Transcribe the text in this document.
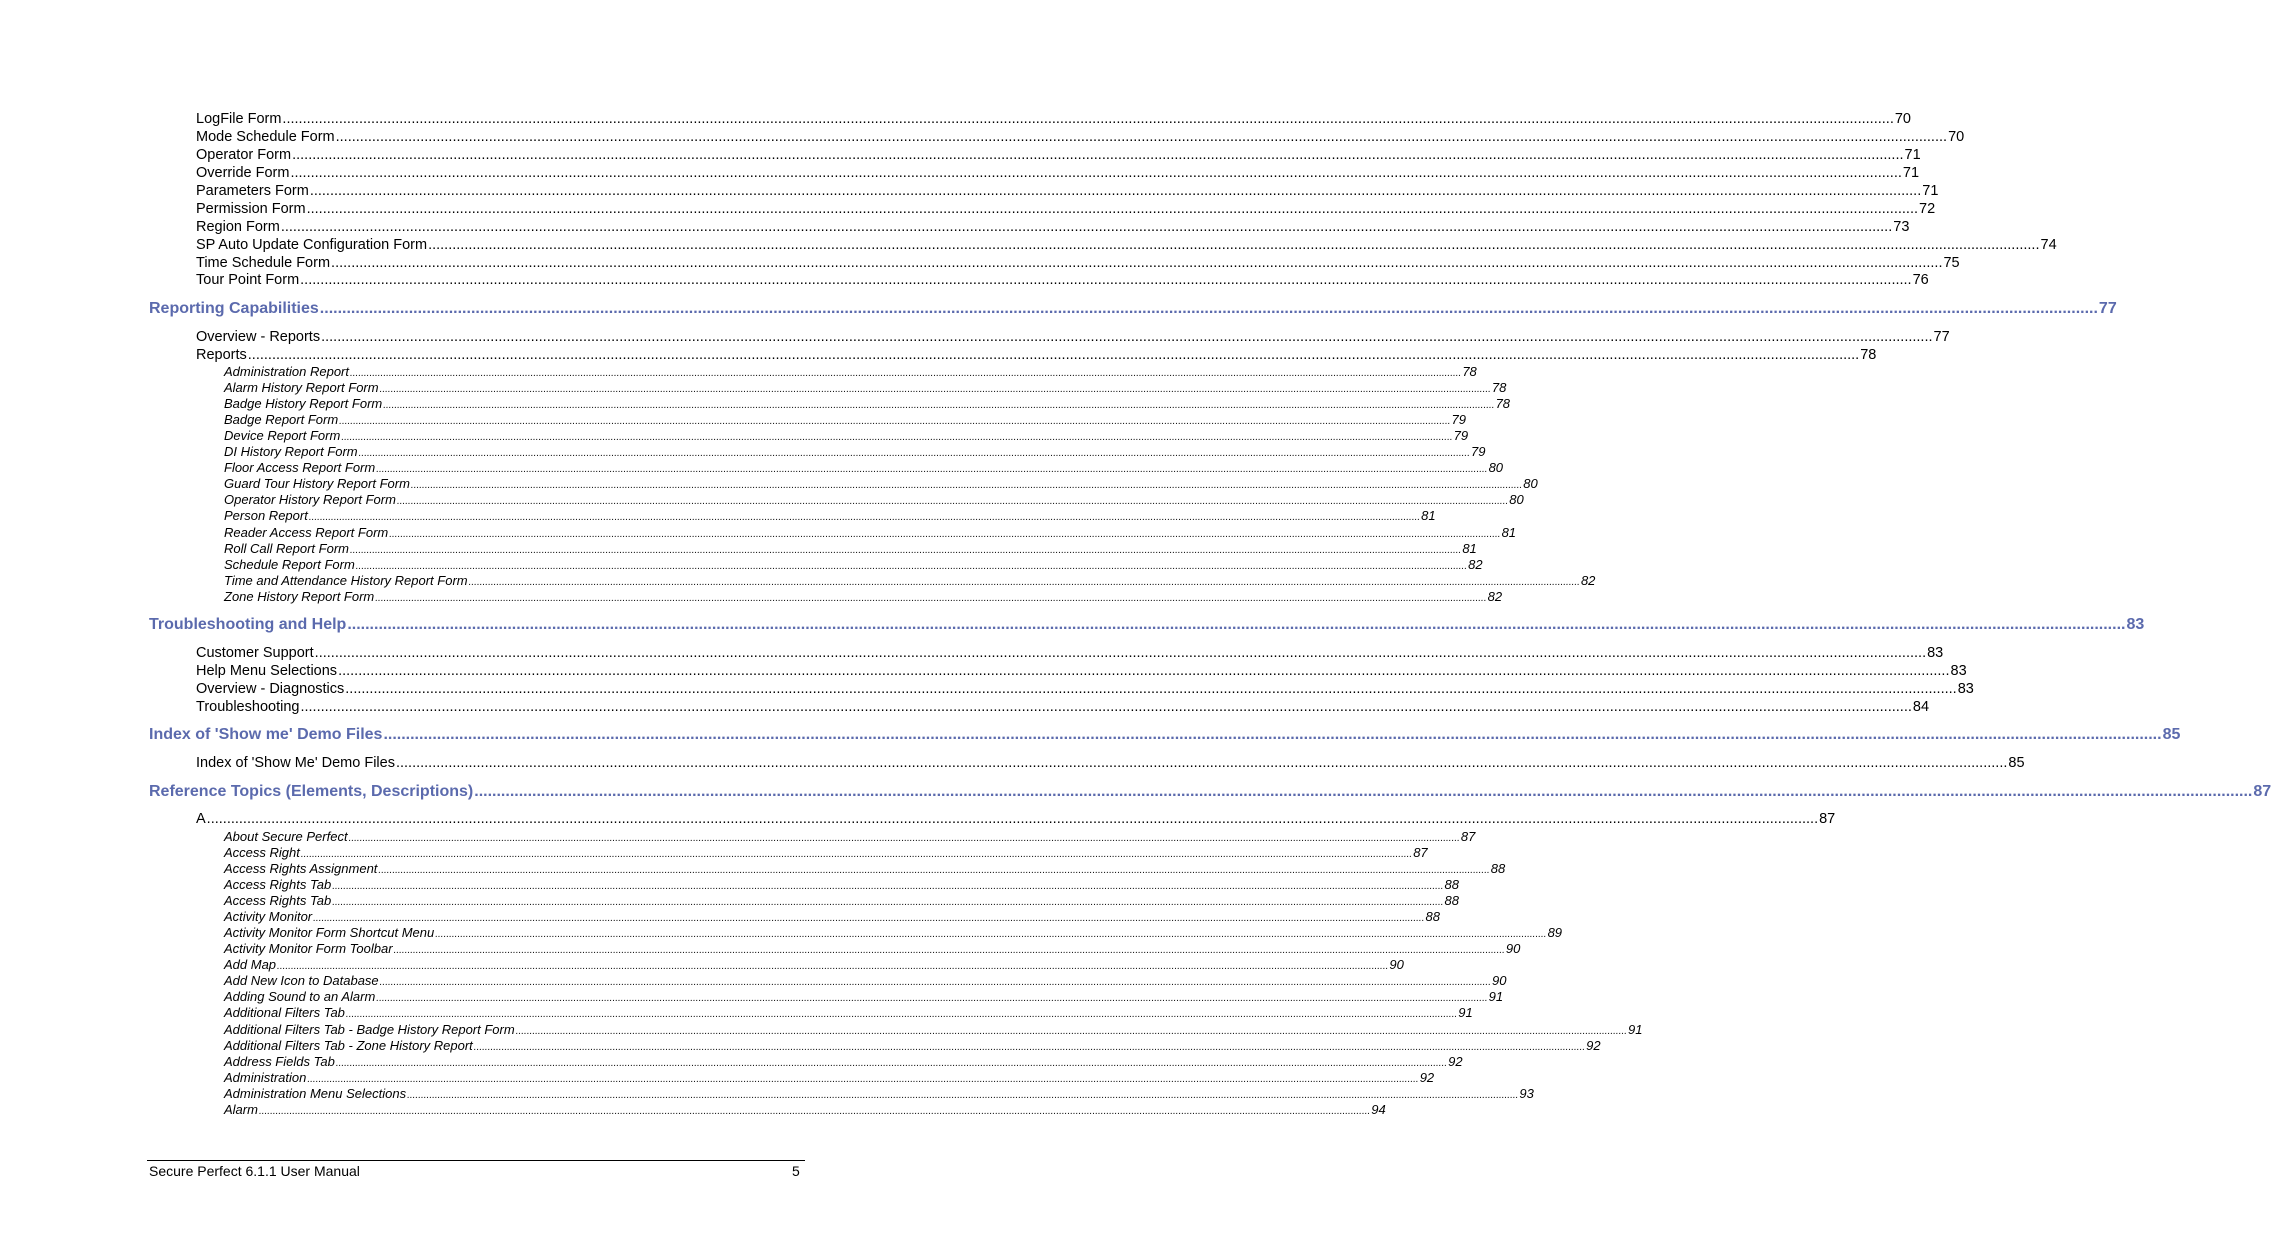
LogFile Form ................................................................................................................................................................................................................................................................................................................................................................................................................ 70
Mode Schedule Form ................................................................................................................................................................................................................................................................................................................................................................................................................ 70
Operator Form ................................................................................................................................................................................................................................................................................................................................................................................................................ 71
Override Form ................................................................................................................................................................................................................................................................................................................................................................................................................ 71
Parameters Form ................................................................................................................................................................................................................................................................................................................................................................................................................ 71
Permission Form ................................................................................................................................................................................................................................................................................................................................................................................................................ 72
Region Form ................................................................................................................................................................................................................................................................................................................................................................................................................ 73
SP Auto Update Configuration Form ................................................................................................................................................................................................................................................................................................................................................................................................................ 74
Time Schedule Form ................................................................................................................................................................................................................................................................................................................................................................................................................ 75
Tour Point Form ................................................................................................................................................................................................................................................................................................................................................................................................................ 76
Reporting Capabilities ................................................................................................................................................................................................................................................................................................................................................................................................................ 77
Overview - Reports ................................................................................................................................................................................................................................................................................................................................................................................................................ 77
Reports ................................................................................................................................................................................................................................................................................................................................................................................................................ 78
Administration Report ................................................................................................................................................................................................................................................................................................................................................................................................................ 78
Alarm History Report Form ................................................................................................................................................................................................................................................................................................................................................................................................................ 78
Badge History Report Form ................................................................................................................................................................................................................................................................................................................................................................................................................ 78
Badge Report Form ................................................................................................................................................................................................................................................................................................................................................................................................................ 79
Device Report Form ................................................................................................................................................................................................................................................................................................................................................................................................................ 79
DI History Report Form ................................................................................................................................................................................................................................................................................................................................................................................................................ 79
Floor Access Report Form ................................................................................................................................................................................................................................................................................................................................................................................................................ 80
Guard Tour History Report Form ................................................................................................................................................................................................................................................................................................................................................................................................................ 80
Operator History Report Form ................................................................................................................................................................................................................................................................................................................................................................................................................ 80
Person Report ................................................................................................................................................................................................................................................................................................................................................................................................................ 81
Reader Access Report Form ................................................................................................................................................................................................................................................................................................................................................................................................................ 81
Roll Call Report Form ................................................................................................................................................................................................................................................................................................................................................................................................................ 81
Schedule Report Form ................................................................................................................................................................................................................................................................................................................................................................................................................ 82
Time and Attendance History Report Form ................................................................................................................................................................................................................................................................................................................................................................................................................ 82
Zone History Report Form ................................................................................................................................................................................................................................................................................................................................................................................................................ 82
Troubleshooting and Help ................................................................................................................................................................................................................................................................................................................................................................................................................ 83
Customer Support ................................................................................................................................................................................................................................................................................................................................................................................................................ 83
Help Menu Selections ................................................................................................................................................................................................................................................................................................................................................................................................................ 83
Overview - Diagnostics ................................................................................................................................................................................................................................................................................................................................................................................................................ 83
Troubleshooting ................................................................................................................................................................................................................................................................................................................................................................................................................ 84
Index of 'Show me' Demo Files ................................................................................................................................................................................................................................................................................................................................................................................................................ 85
Index of 'Show Me' Demo Files ................................................................................................................................................................................................................................................................................................................................................................................................................ 85
Reference Topics (Elements, Descriptions) ................................................................................................................................................................................................................................................................................................................................................................................................................ 87
A ................................................................................................................................................................................................................................................................................................................................................................................................................ 87
About Secure Perfect ................................................................................................................................................................................................................................................................................................................................................................................................................ 87
Access Right ................................................................................................................................................................................................................................................................................................................................................................................................................ 87
Access Rights Assignment ................................................................................................................................................................................................................................................................................................................................................................................................................ 88
Access Rights Tab ................................................................................................................................................................................................................................................................................................................................................................................................................ 88
Access Rights Tab ................................................................................................................................................................................................................................................................................................................................................................................................................ 88
Activity Monitor ................................................................................................................................................................................................................................................................................................................................................................................................................ 88
Activity Monitor Form Shortcut Menu ................................................................................................................................................................................................................................................................................................................................................................................................................ 89
Activity Monitor Form Toolbar ................................................................................................................................................................................................................................................................................................................................................................................................................ 90
Add Map ................................................................................................................................................................................................................................................................................................................................................................................................................ 90
Add New Icon to Database ................................................................................................................................................................................................................................................................................................................................................................................................................ 90
Adding Sound to an Alarm ................................................................................................................................................................................................................................................................................................................................................................................................................ 91
Additional Filters Tab ................................................................................................................................................................................................................................................................................................................................................................................................................ 91
Additional Filters Tab - Badge History Report Form ................................................................................................................................................................................................................................................................................................................................................................................................................ 91
Additional Filters Tab - Zone History Report ................................................................................................................................................................................................................................................................................................................................................................................................................ 92
Address Fields Tab ................................................................................................................................................................................................................................................................................................................................................................................................................ 92
Administration ................................................................................................................................................................................................................................................................................................................................................................................................................ 92
Administration Menu Selections ................................................................................................................................................................................................................................................................................................................................................................................................................ 93
Alarm ................................................................................................................................................................................................................................................................................................................................................................................................................ 94
Secure Perfect 6.1.1 User Manual	5
